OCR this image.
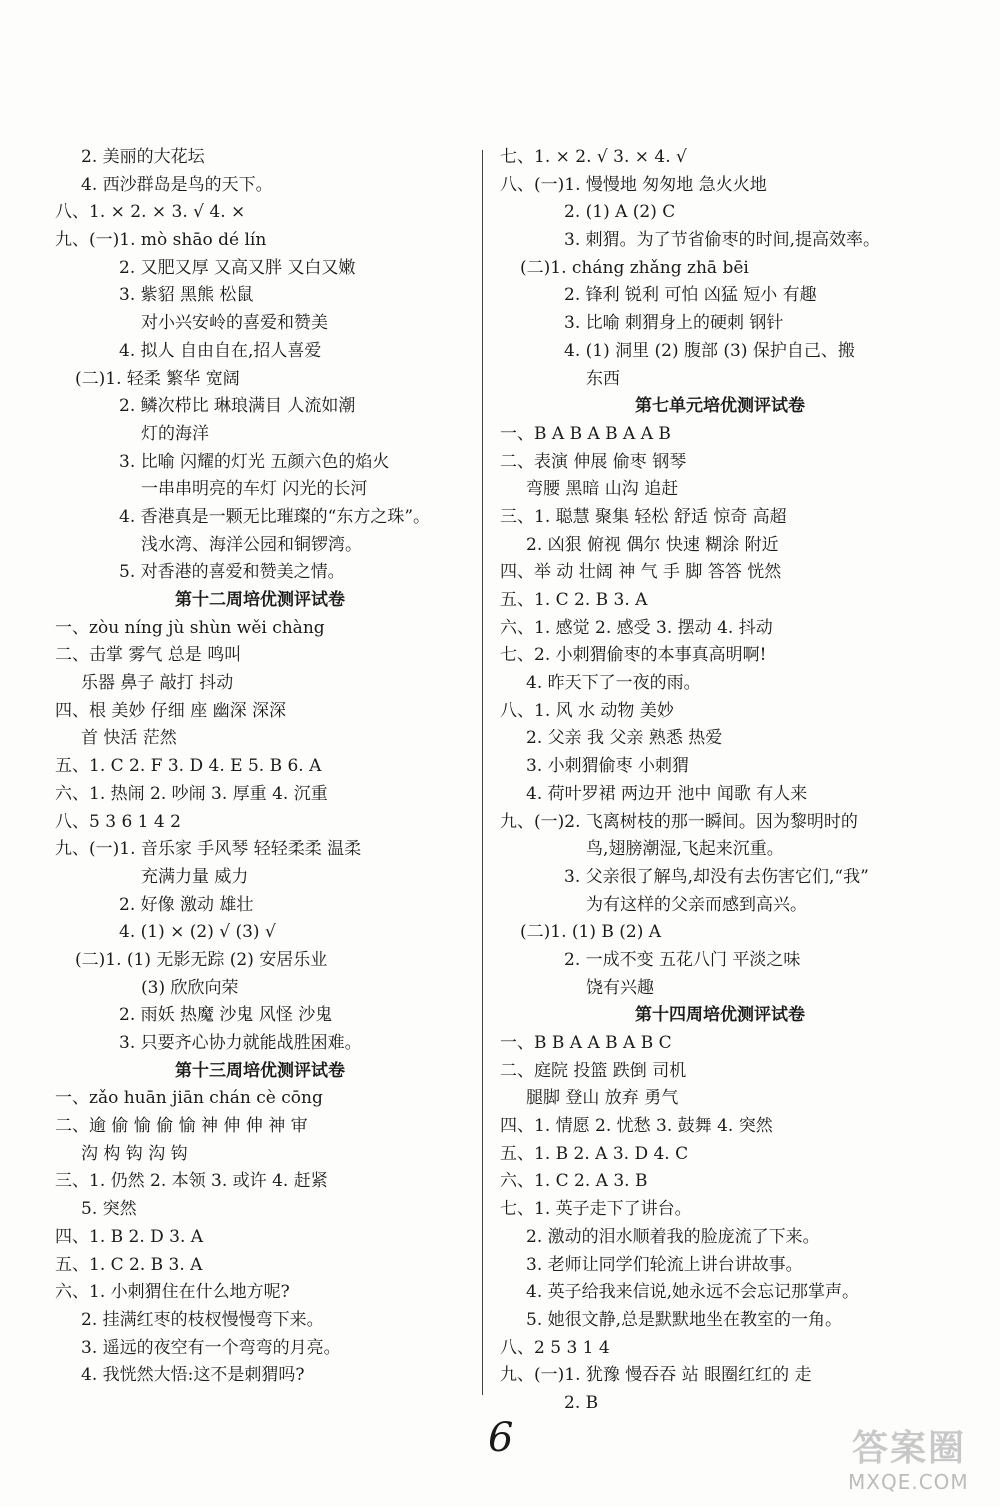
2. 美丽的大花坛
4. 西沙群岛是鸟的天下。
八、1. × 2. × 3. √ 4. ×
九、(一)1. mò shāo dé lín
2. 又肥又厚 又高又胖 又白又嫩
3. 紫貂 黑熊 松鼠
对小兴安岭的喜爱和赞美
4. 拟人 自由自在,招人喜爱
(二)1. 轻柔 繁华 宽阔
2. 鳞次栉比 琳琅满目 人流如潮
灯的海洋
3. 比喻 闪耀的灯光 五颜六色的焰火
一串串明亮的车灯 闪光的长河
4. 香港真是一颗无比璀璨的“东方之珠”。
浅水湾、海洋公园和铜锣湾。
5. 对香港的喜爱和赞美之情。
第十二周培优测评试卷
一、zòu níng jù shùn wěi chàng
二、击掌 雾气 总是 鸣叫
乐器 鼻子 敲打 抖动
四、根 美妙 仔细 座 幽深 深深
首 快活 茫然
五、1. C 2. F 3. D 4. E 5. B 6. A
六、1. 热闹 2. 吵闹 3. 厚重 4. 沉重
八、5 3 6 1 4 2
九、(一)1. 音乐家 手风琴 轻轻柔柔 温柔
充满力量 威力
2. 好像 激动 雄壮
4. (1) × (2) √ (3) √
(二)1. (1) 无影无踪 (2) 安居乐业
(3) 欣欣向荣
2. 雨妖 热魔 沙鬼 风怪 沙鬼
3. 只要齐心协力就能战胜困难。
第十三周培优测评试卷
一、zǎo huān jiān chán cè cōng
二、逾 偷 愉 偷 愉 神 伸 伸 神 审
沟 构 钩 沟 钩
三、1. 仍然 2. 本领 3. 或许 4. 赶紧
5. 突然
四、1. B 2. D 3. A
五、1. C 2. B 3. A
六、1. 小刺猬住在什么地方呢?
2. 挂满红枣的枝杈慢慢弯下来。
3. 遥远的夜空有一个弯弯的月亮。
4. 我恍然大悟:这不是刺猬吗?
七、1. × 2. √ 3. × 4. √
八、(一)1. 慢慢地 匆匆地 急火火地
2. (1) A (2) C
3. 刺猬。为了节省偷枣的时间,提高效率。
(二)1. cháng zhǎng zhā bēi
2. 锋利 锐利 可怕 凶猛 短小 有趣
3. 比喻 刺猬身上的硬刺 钢针
4. (1) 洞里 (2) 腹部 (3) 保护自己、搬
东西
第七单元培优测评试卷
一、B A B A B A A B
二、表演 伸展 偷枣 钢琴
弯腰 黑暗 山沟 追赶
三、1. 聪慧 聚集 轻松 舒适 惊奇 高超
2. 凶狠 俯视 偶尔 快速 糊涂 附近
四、举 动 壮阔 神 气 手 脚 答答 恍然
五、1. C 2. B 3. A
六、1. 感觉 2. 感受 3. 摆动 4. 抖动
七、2. 小刺猬偷枣的本事真高明啊!
4. 昨天下了一夜的雨。
八、1. 风 水 动物 美妙
2. 父亲 我 父亲 熟悉 热爱
3. 小刺猬偷枣 小刺猬
4. 荷叶罗裙 两边开 池中 闻歌 有人来
九、(一)2. 飞离树枝的那一瞬间。因为黎明时的
鸟,翅膀潮湿,飞起来沉重。
3. 父亲很了解鸟,却没有去伤害它们,“我”
为有这样的父亲而感到高兴。
(二)1. (1) B (2) A
2. 一成不变 五花八门 平淡之味
饶有兴趣
第十四周培优测评试卷
一、B B A A B A B C
二、庭院 投篮 跌倒 司机
腿脚 登山 放弃 勇气
四、1. 情愿 2. 忧愁 3. 鼓舞 4. 突然
五、1. B 2. A 3. D 4. C
六、1. C 2. A 3. B
七、1. 英子走下了讲台。
2. 激动的泪水顺着我的脸庞流了下来。
3. 老师让同学们轮流上讲台讲故事。
4. 英子给我来信说,她永远不会忘记那掌声。
5. 她很文静,总是默默地坐在教室的一角。
八、2 5 3 1 4
九、(一)1. 犹豫 慢吞吞 站 眼圈红红的 走
2. B
6	答案圈
MXQE.COM
